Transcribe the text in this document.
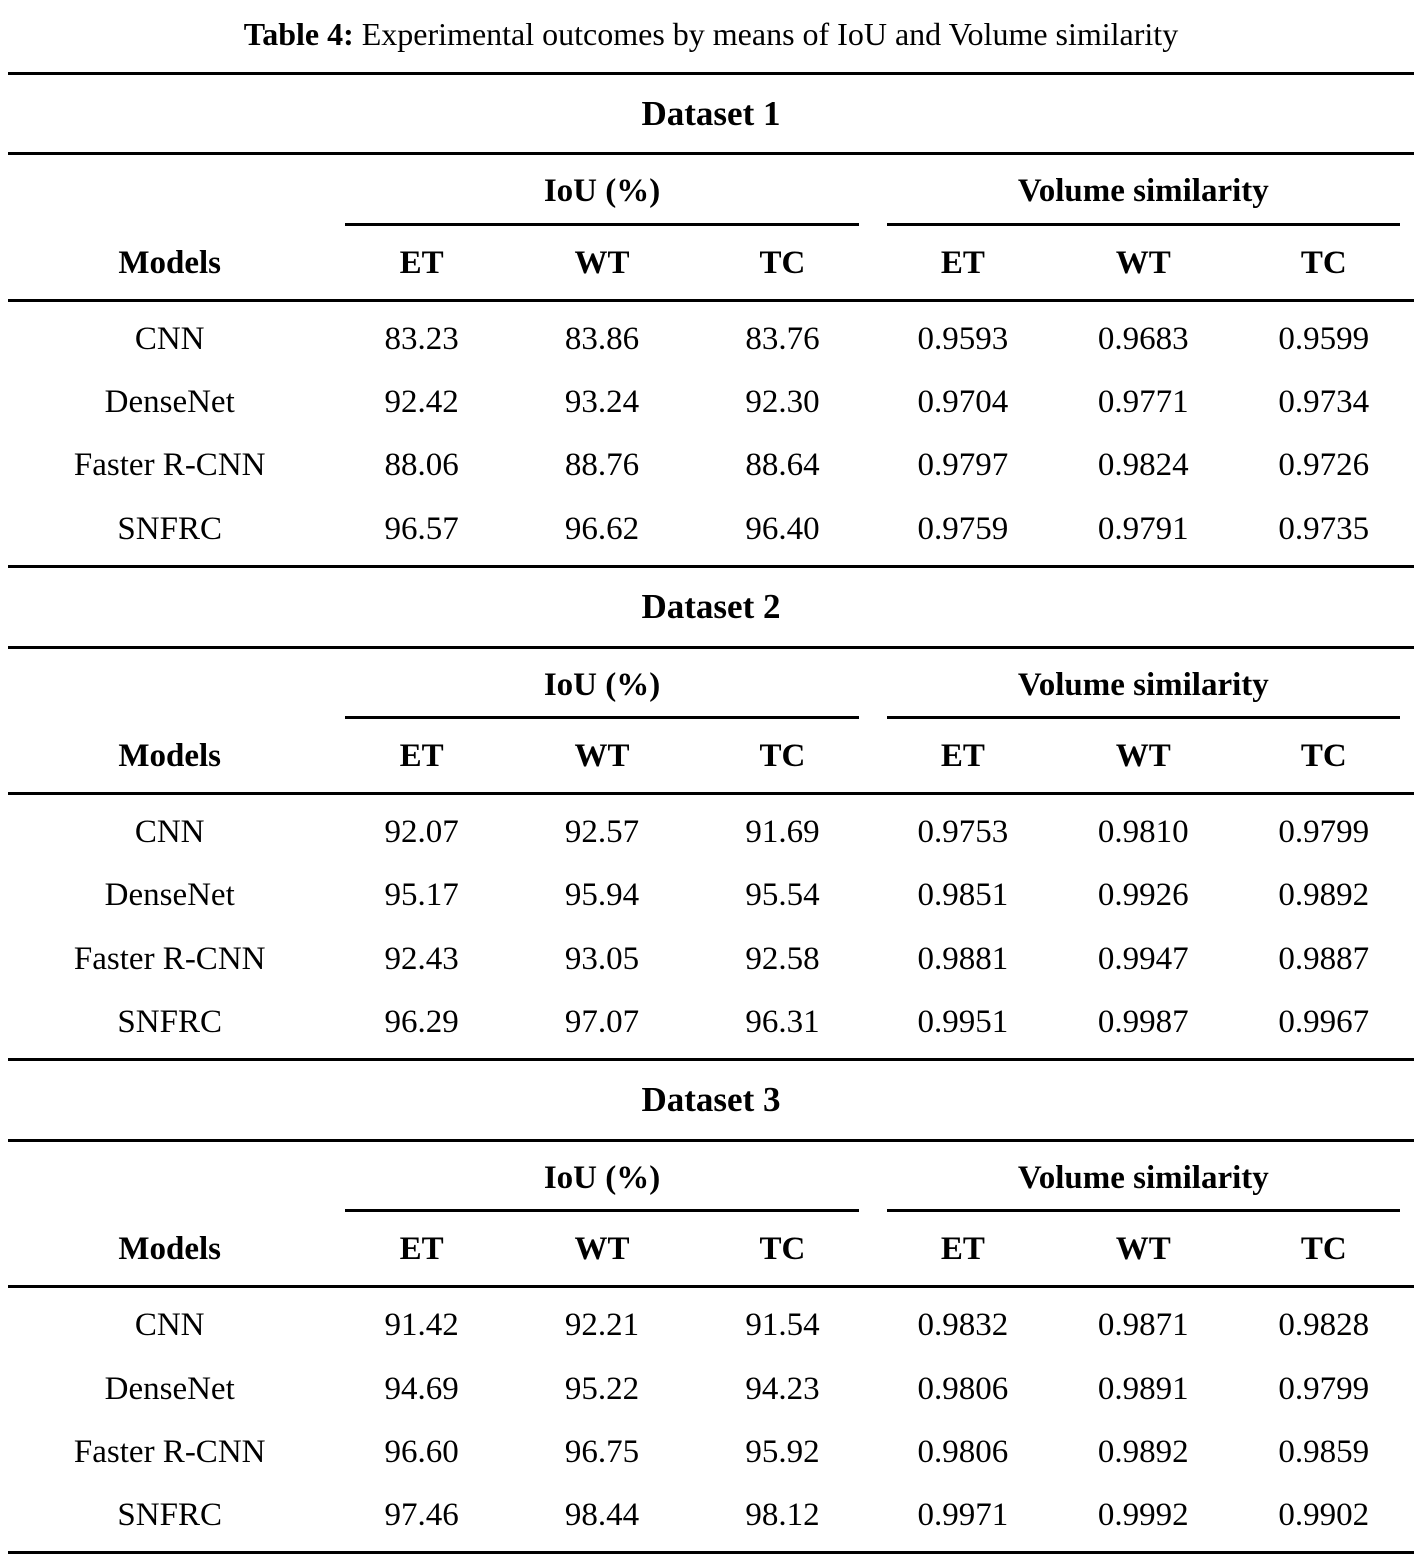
Table 4: Experimental outcomes by means of IoU and Volume similarity
Dataset 1
	IoU (%)			Volume similarity		

Models	ET	WT	TC	ET	WT	TC
CNN	83.23	83.86	83.76	0.9593	0.9683	0.9599
DenseNet	92.42	93.24	92.30	0.9704	0.9771	0.9734
Faster R-CNN	88.06	88.76	88.64	0.9797	0.9824	0.9726
SNFRC	96.57	96.62	96.40	0.9759	0.9791	0.9735
Dataset 2
	IoU (%)			Volume similarity		

Models	ET	WT	TC	ET	WT	TC
CNN	92.07	92.57	91.69	0.9753	0.9810	0.9799
DenseNet	95.17	95.94	95.54	0.9851	0.9926	0.9892
Faster R-CNN	92.43	93.05	92.58	0.9881	0.9947	0.9887
SNFRC	96.29	97.07	96.31	0.9951	0.9987	0.9967
Dataset 3
	IoU (%)			Volume similarity		

Models	ET	WT	TC	ET	WT	TC
CNN	91.42	92.21	91.54	0.9832	0.9871	0.9828
DenseNet	94.69	95.22	94.23	0.9806	0.9891	0.9799
Faster R-CNN	96.60	96.75	95.92	0.9806	0.9892	0.9859
SNFRC	97.46	98.44	98.12	0.9971	0.9992	0.9902
